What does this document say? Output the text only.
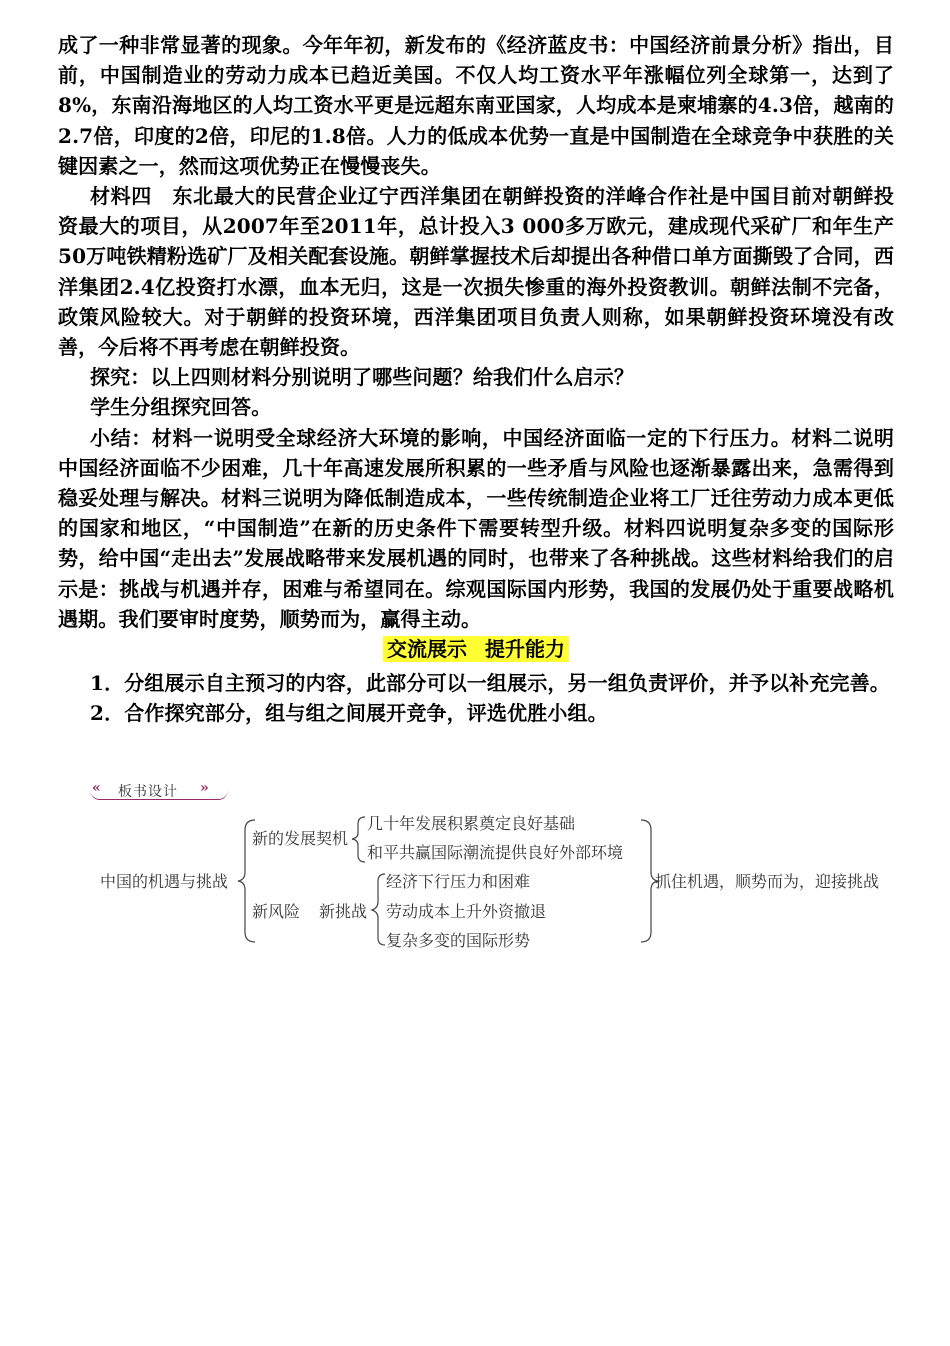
成了一种非常显著的现象。今年年初，新发布的《经济蓝皮书：中国经济前景分析》指出，目前，中国制造业的劳动力成本已趋近美国。不仅人均工资水平年涨幅位列全球第一，达到了8%，东南沿海地区的人均工资水平更是远超东南亚国家，人均成本是柬埔寨的4.3倍，越南的2.7倍，印度的2倍，印尼的1.8倍。人力的低成本优势一直是中国制造在全球竞争中获胜的关键因素之一，然而这项优势正在慢慢丧失。

材料四　东北最大的民营企业辽宁西洋集团在朝鲜投资的洋峰合作社是中国目前对朝鲜投资最大的项目，从2007年至2011年，总计投入3 000多万欧元，建成现代采矿厂和年生产50万吨铁精粉选矿厂及相关配套设施。朝鲜掌握技术后却提出各种借口单方面撕毁了合同，西洋集团2.4亿投资打水漂，血本无归，这是一次损失惨重的海外投资教训。朝鲜法制不完备，政策风险较大。对于朝鲜的投资环境，西洋集团项目负责人则称，如果朝鲜投资环境没有改善，今后将不再考虑在朝鲜投资。

探究：以上四则材料分别说明了哪些问题？给我们什么启示？

学生分组探究回答。

小结：材料一说明受全球经济大环境的影响，中国经济面临一定的下行压力。材料二说明中国经济面临不少困难，几十年高速发展所积累的一些矛盾与风险也逐渐暴露出来，急需得到稳妥处理与解决。材料三说明为降低制造成本，一些传统制造企业将工厂迁往劳动力成本更低的国家和地区，“中国制造”在新的历史条件下需要转型升级。材料四说明复杂多变的国际形势，给中国“走出去”发展战略带来发展机遇的同时，也带来了各种挑战。这些材料给我们的启示是：挑战与机遇并存，困难与希望同在。综观国际国内形势，我国的发展仍处于重要战略机遇期。我们要审时度势，顺势而为，赢得主动。

交流展示 提升能力

1．分组展示自主预习的内容，此部分可以一组展示，另一组负责评价，并予以补充完善。

2．合作探究部分，组与组之间展开竞争，评选优胜小组。

« 板书设计 »
中国的机遇与挑战
新的发展契机
几十年发展积累奠定良好基础
和平共赢国际潮流提供良好外部环境
新风险 新挑战
经济下行压力和困难
劳动成本上升外资撤退
复杂多变的国际形势
抓住机遇，顺势而为，迎接挑战
